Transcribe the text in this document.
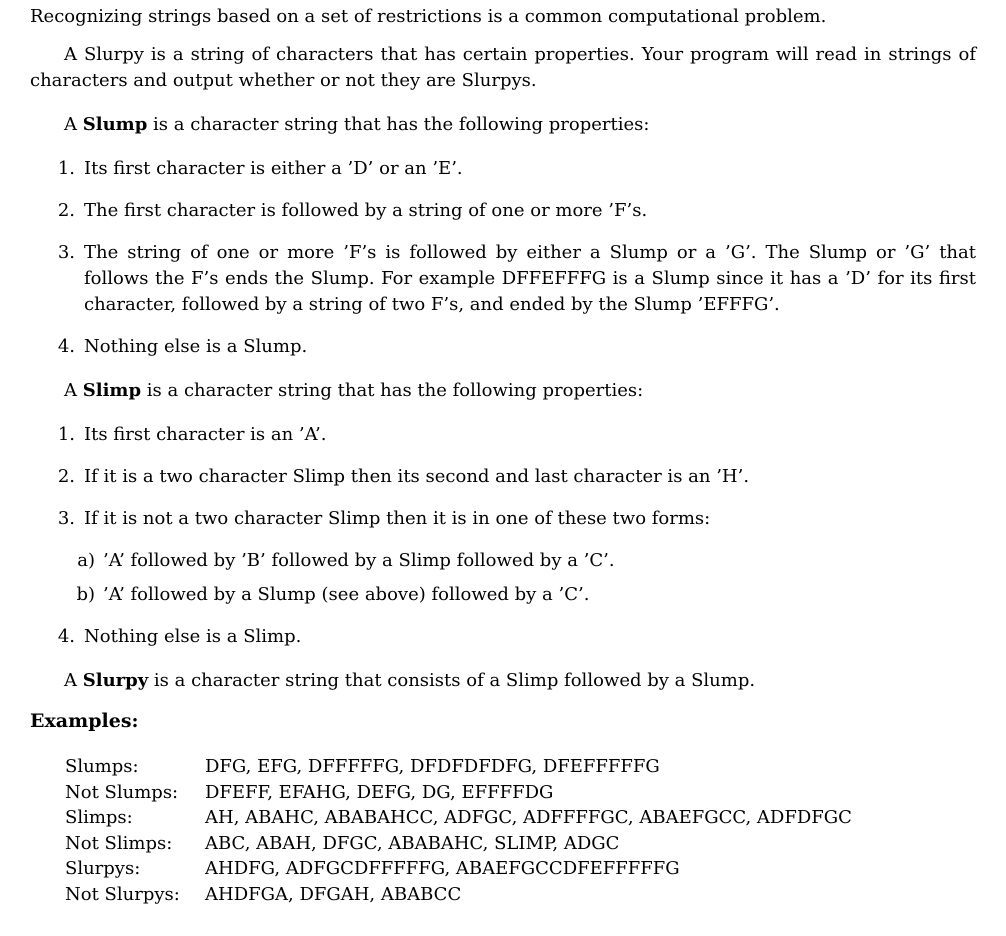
Recognizing strings based on a set of restrictions is a common computational problem.

A Slurpy is a string of characters that has certain properties. Your program will read in strings of characters and output whether or not they are Slurpys.

A Slump is a character string that has the following properties:

1. Its first character is either a ’D’ or an ’E’.
2. The first character is followed by a string of one or more ’F’s.
3. The string of one or more ’F’s is followed by either a Slump or a ’G’. The Slump or ’G’ that follows the F’s ends the Slump. For example DFFEFFFG is a Slump since it has a ’D’ for its first character, followed by a string of two F’s, and ended by the Slump ’EFFFG’.
4. Nothing else is a Slump.

A Slimp is a character string that has the following properties:

1. Its first character is an ’A’.
2. If it is a two character Slimp then its second and last character is an ’H’.
3. If it is not a two character Slimp then it is in one of these two forms:
a) ’A’ followed by ’B’ followed by a Slimp followed by a ’C’.
b) ’A’ followed by a Slump (see above) followed by a ’C’.
4. Nothing else is a Slimp.

A Slurpy is a character string that consists of a Slimp followed by a Slump.

Examples:

Slumps:	DFG, EFG, DFFFFFG, DFDFDFDFG, DFEFFFFFG
Not Slumps:	DFEFF, EFAHG, DEFG, DG, EFFFFDG
Slimps:	AH, ABAHC, ABABAHCC, ADFGC, ADFFFFGC, ABAEFGCC, ADFDFGC
Not Slimps:	ABC, ABAH, DFGC, ABABAHC, SLIMP, ADGC
Slurpys:	AHDFG, ADFGCDFFFFFG, ABAEFGCCDFEFFFFFG
Not Slurpys:	AHDFGA, DFGAH, ABABCC
